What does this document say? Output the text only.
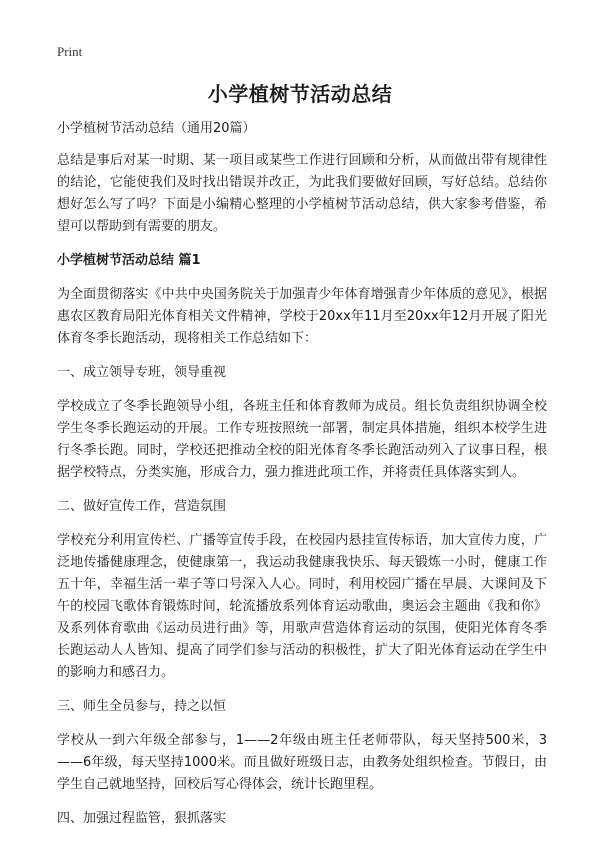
Print
小学植树节活动总结

小学植树节活动总结（通用20篇）

总结是事后对某一时期、某一项目或某些工作进行回顾和分析，从而做出带有规律性的结论，它能使我们及时找出错误并改正，为此我们要做好回顾，写好总结。总结你想好怎么写了吗？下面是小编精心整理的小学植树节活动总结，供大家参考借鉴，希望可以帮助到有需要的朋友。

小学植树节活动总结 篇1

为全面贯彻落实《中共中央国务院关于加强青少年体育增强青少年体质的意见》，根据惠农区教育局阳光体育相关文件精神，学校于20xx年11月至20xx年12月开展了阳光体育冬季长跑活动，现将相关工作总结如下：

一、成立领导专班，领导重视

学校成立了冬季长跑领导小组，各班主任和体育教师为成员。组长负责组织协调全校学生冬季长跑运动的开展。工作专班按照统一部署，制定具体措施，组织本校学生进行冬季长跑。同时，学校还把推动全校的阳光体育冬季长跑活动列入了议事日程，根据学校特点，分类实施，形成合力，强力推进此项工作，并将责任具体落实到人。

二、做好宣传工作，营造氛围

学校充分利用宣传栏、广播等宣传手段，在校园内悬挂宣传标语，加大宣传力度，广泛地传播健康理念，使健康第一，我运动我健康我快乐、每天锻炼一小时，健康工作五十年，幸福生活一辈子等口号深入人心。同时，利用校园广播在早晨、大课间及下午的校园飞歌体育锻炼时间，轮流播放系列体育运动歌曲，奥运会主题曲《我和你》及系列体育歌曲《运动员进行曲》等，用歌声营造体育运动的氛围，使阳光体育冬季长跑运动人人皆知、提高了同学们参与活动的积极性，扩大了阳光体育运动在学生中的影响力和感召力。

三、师生全员参与，持之以恒

学校从一到六年级全部参与，1——2年级由班主任老师带队，每天坚持500米，3——6年级，每天坚持1000米。而且做好班级日志，由教务处组织检查。节假日，由学生自己就地坚持，回校后写心得体会，统计长跑里程。

四、加强过程监管，狠抓落实
